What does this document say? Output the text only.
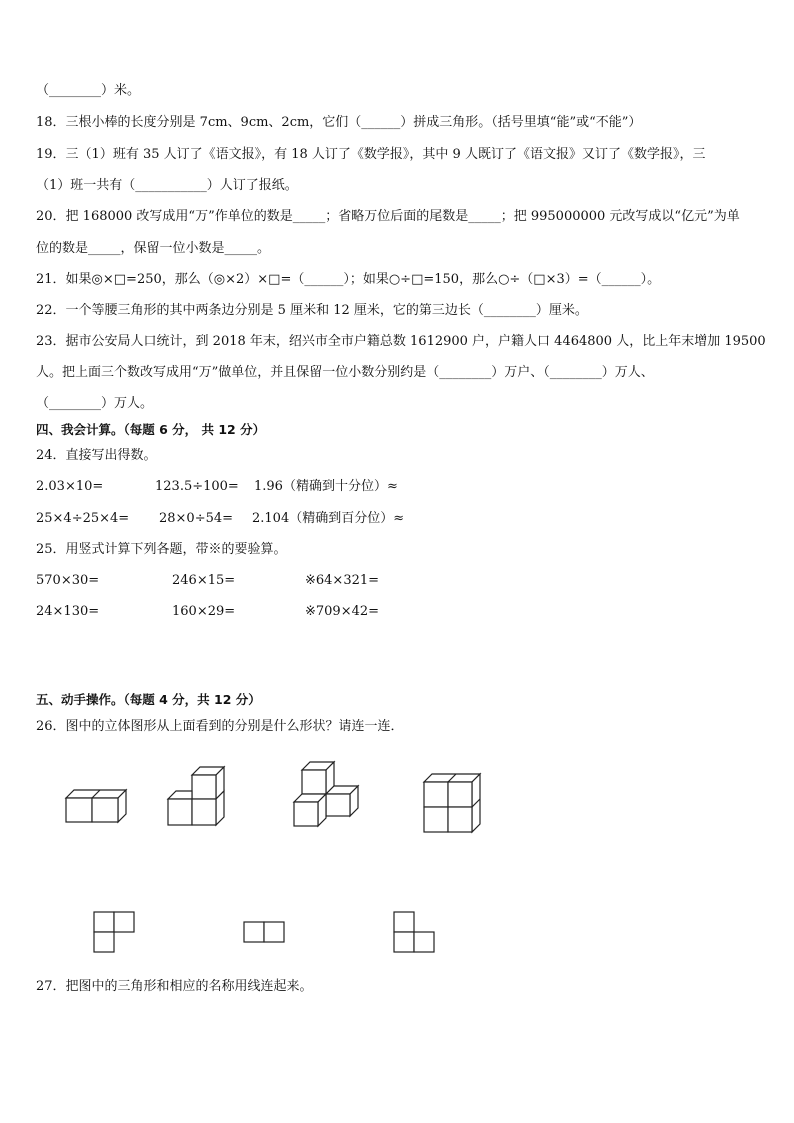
（________）米。
18．三根小棒的长度分别是 7cm、9cm、2cm，它们（______）拼成三角形。（括号里填“能”或“不能”）
19．三（1）班有 35 人订了《语文报》，有 18 人订了《数学报》，其中 9 人既订了《语文报》又订了《数学报》，三
（1）班一共有（___________）人订了报纸。
20．把 168000 改写成用“万”作单位的数是_____；省略万位后面的尾数是_____；把 995000000 元改写成以“亿元”为单
位的数是_____，保留一位小数是_____。
21．如果◎×□=250，那么（◎×2）×□=（______）；如果○÷□=150，那么○÷（□×3）=（______）。
22．一个等腰三角形的其中两条边分别是 5 厘米和 12 厘米，它的第三边长（________）厘米。
23．据市公安局人口统计，到 2018 年末，绍兴市全市户籍总数 1612900 户，户籍人口 4464800 人，比上年末增加 19500
人。把上面三个数改写成用“万”做单位，并且保留一位小数分别约是（________）万户、（________）万人、
（________）万人。
四、我会计算。（每题 6 分， 共 12 分）
24．直接写出得数。
2.03×10=	123.5÷100= 1.96（精确到十分位）≈
25×4÷25×4= 28×0÷54= 2.104（精确到百分位）≈
25．用竖式计算下列各题，带※的要验算。
570×30=	246×15=	※64×321=
24×130=	160×29=	※709×42=
五、动手操作。（每题 4 分，共 12 分）
26．图中的立体图形从上面看到的分别是什么形状？请连一连．
27．把图中的三角形和相应的名称用线连起来。
